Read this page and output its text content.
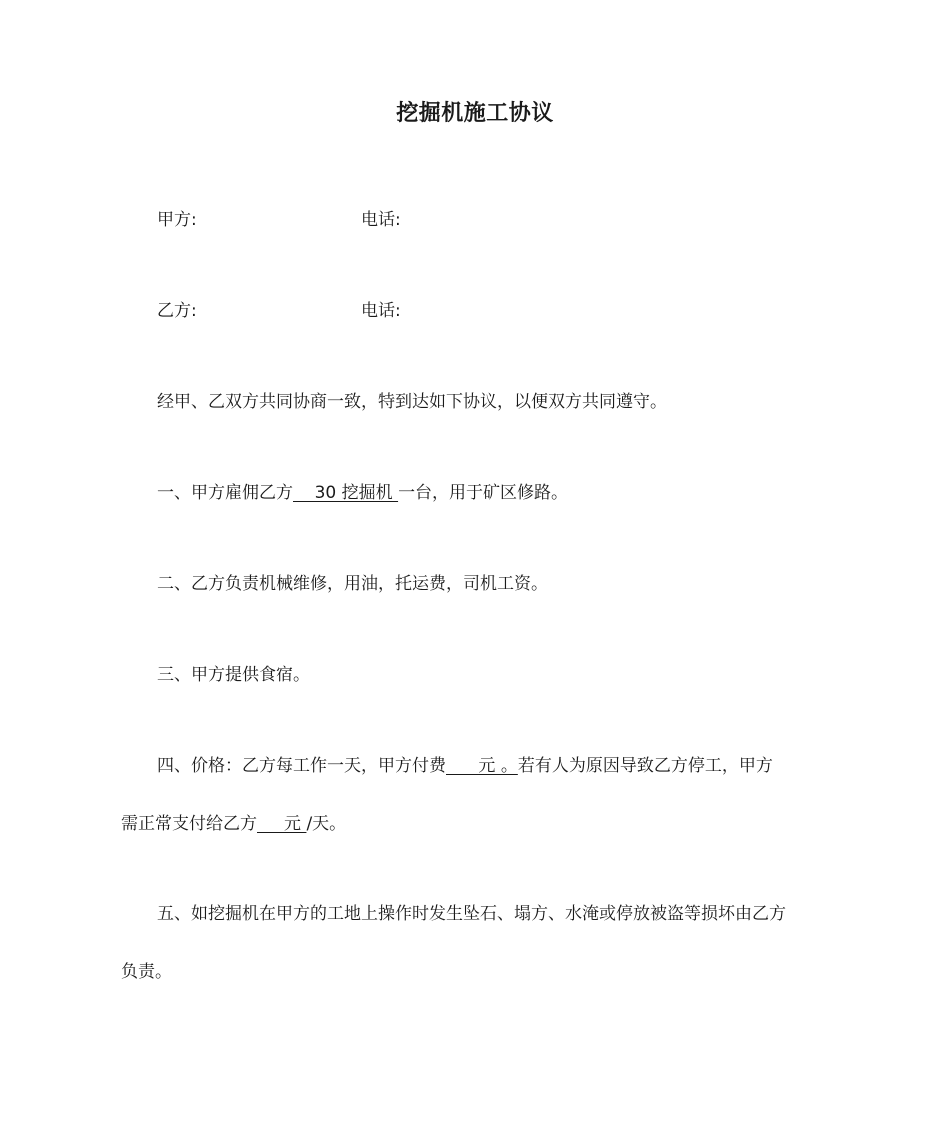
挖掘机施工协议
甲方:	电话:
乙方:	电话:
经甲、乙双方共同协商一致，特到达如下协议，以便双方共同遵守。
一、甲方雇佣乙方    30 挖掘机 一台，用于矿区修路。
二、乙方负责机械维修，用油，托运费，司机工资。
三、甲方提供食宿。
四、价格：乙方每工作一天，甲方付费      元 。若有人为原因导致乙方停工，甲方
需正常支付给乙方     元 /天。
五、如挖掘机在甲方的工地上操作时发生坠石、塌方、水淹或停放被盗等损坏由乙方
负责。
